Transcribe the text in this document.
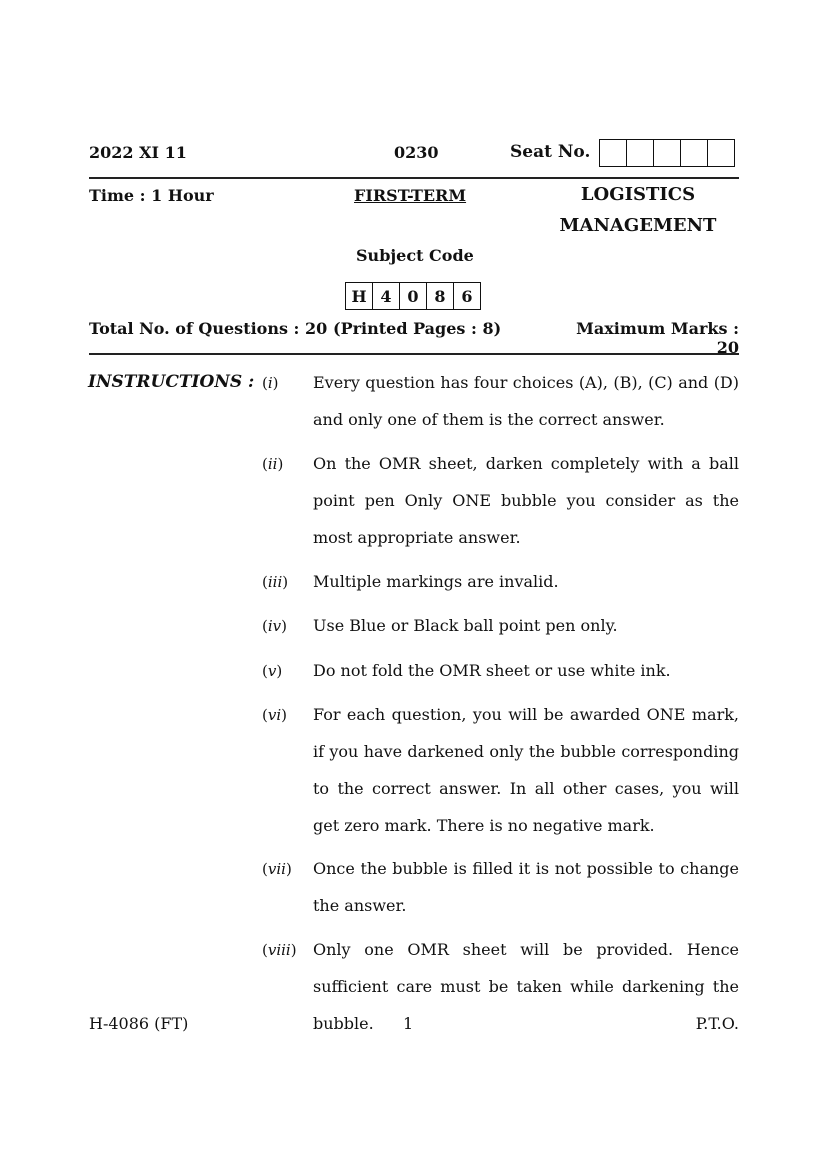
2022 XI 11	0230	Seat No.
Time : 1 Hour	FIRST-TERM	LOGISTICS
MANAGEMENT
Subject Code
H 4 0 8 6
Total No. of Questions : 20 (Printed Pages : 8)	Maximum Marks : 20
INSTRUCTIONS : (i) Every question has four choices (A), (B), (C) and (D) and only one of them is the correct answer.
(ii) On the OMR sheet, darken completely with a ball point pen Only ONE bubble you consider as the most appropriate answer.
(iii) Multiple markings are invalid.
(iv) Use Blue or Black ball point pen only.
(v) Do not fold the OMR sheet or use white ink.
(vi) For each question, you will be awarded ONE mark, if you have darkened only the bubble corresponding to the correct answer. In all other cases, you will get zero mark. There is no negative mark.
(vii) Once the bubble is filled it is not possible to change the answer.
(viii) Only one OMR sheet will be provided. Hence sufficient care must be taken while darkening the bubble.
H-4086 (FT)	1	P.T.O.
